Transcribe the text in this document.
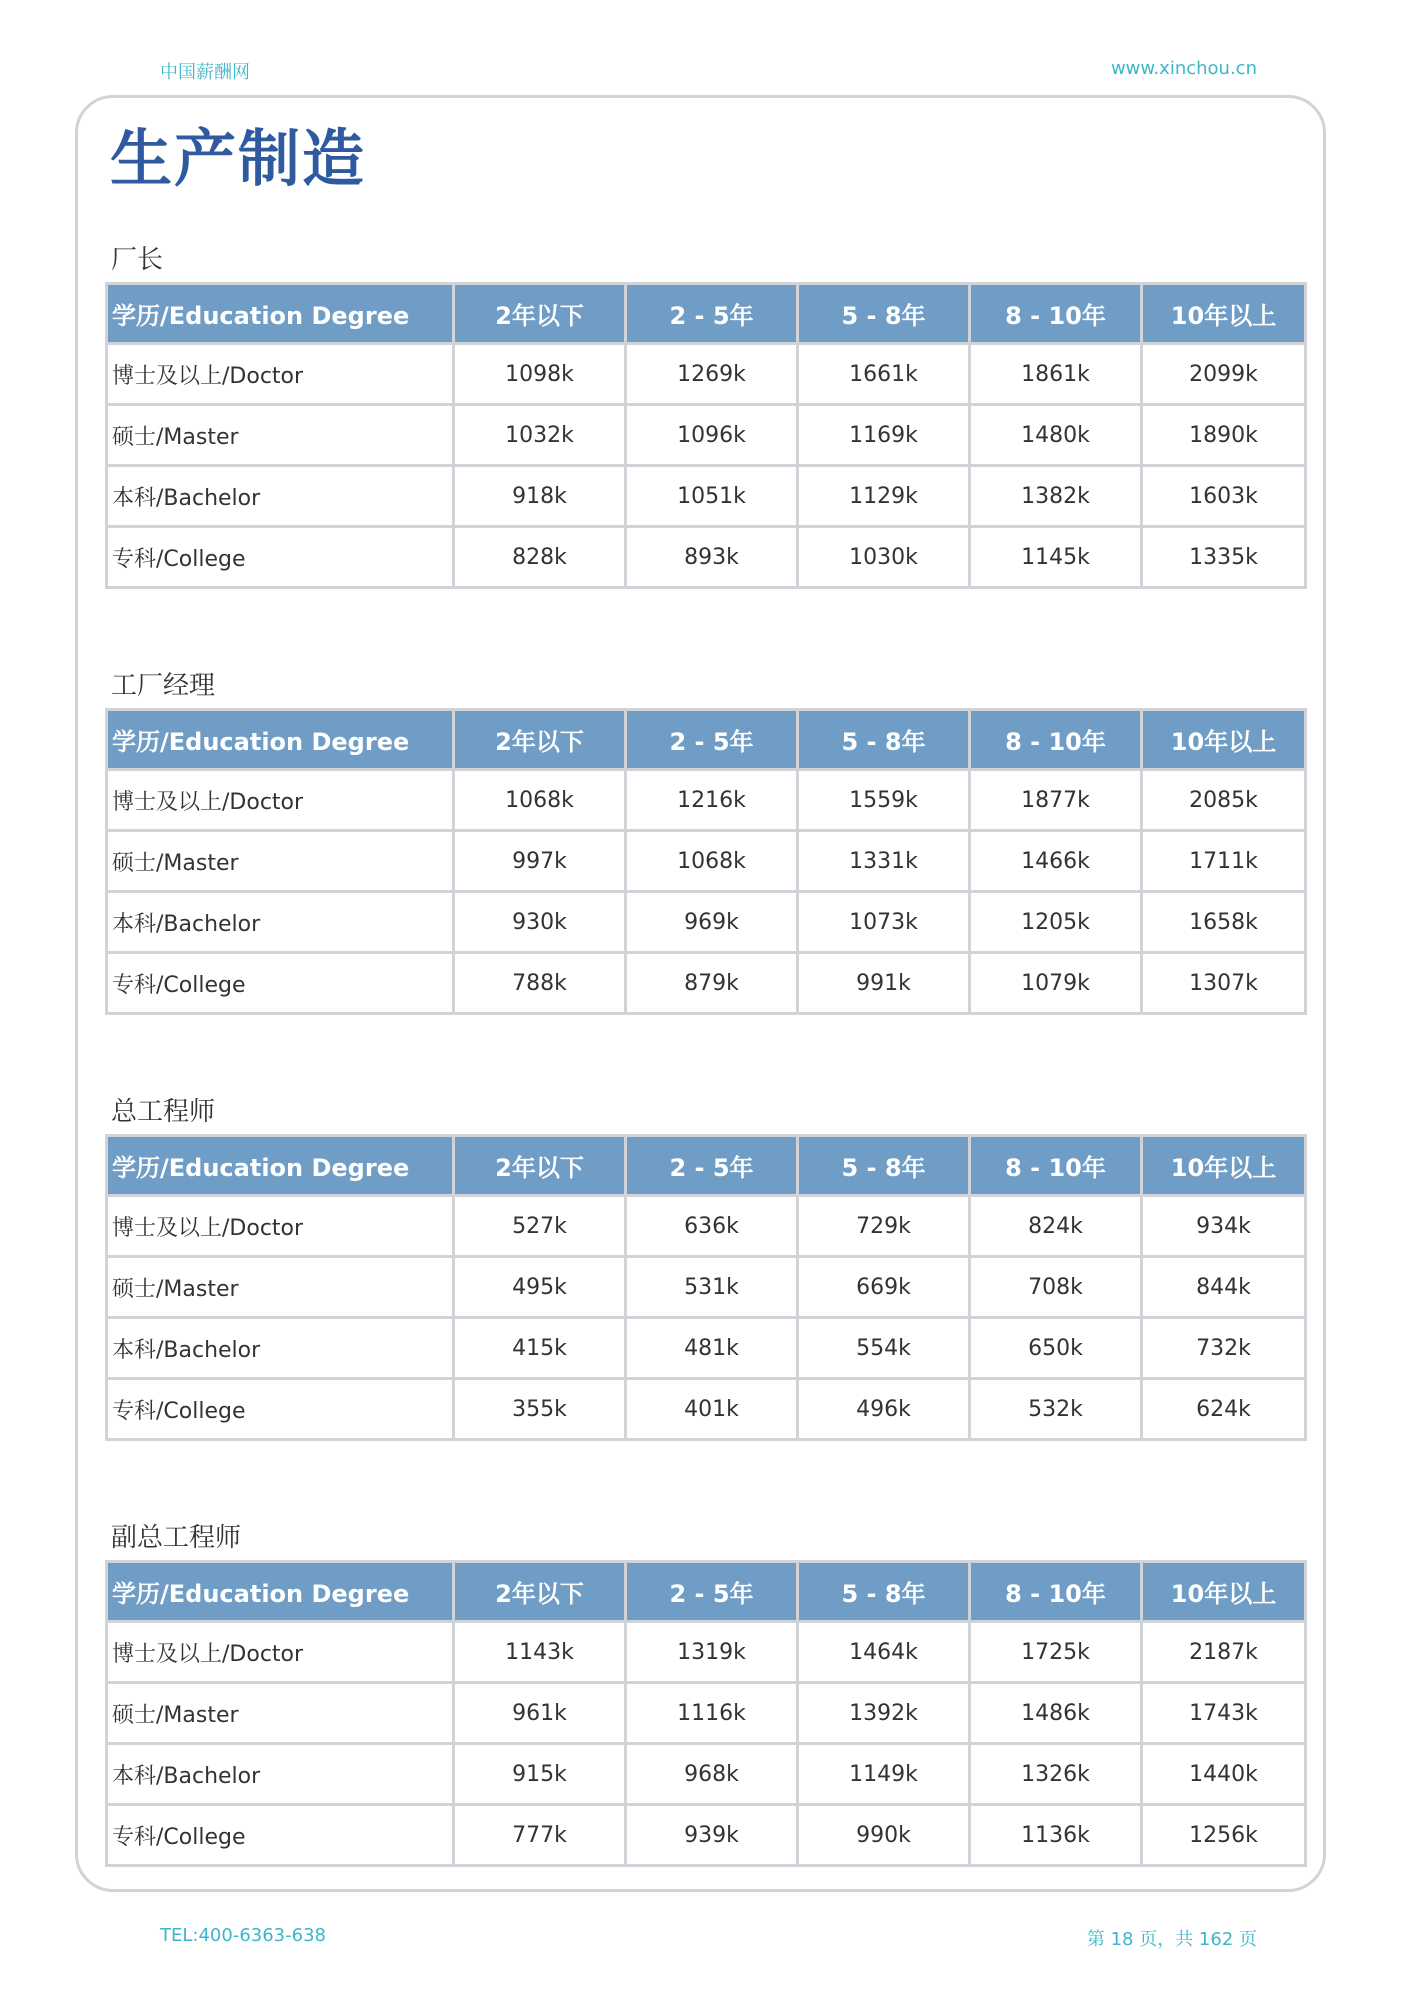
中国薪酬网	www.xinchou.cn
生产制造
厂长
学历/Education Degree	2年以下	2 - 5年	5 - 8年	8 - 10年	10年以上
博士及以上/Doctor	1098k	1269k	1661k	1861k	2099k
硕士/Master	1032k	1096k	1169k	1480k	1890k
本科/Bachelor	918k	1051k	1129k	1382k	1603k
专科/College	828k	893k	1030k	1145k	1335k
工厂经理
学历/Education Degree	2年以下	2 - 5年	5 - 8年	8 - 10年	10年以上
博士及以上/Doctor	1068k	1216k	1559k	1877k	2085k
硕士/Master	997k	1068k	1331k	1466k	1711k
本科/Bachelor	930k	969k	1073k	1205k	1658k
专科/College	788k	879k	991k	1079k	1307k
总工程师
学历/Education Degree	2年以下	2 - 5年	5 - 8年	8 - 10年	10年以上
博士及以上/Doctor	527k	636k	729k	824k	934k
硕士/Master	495k	531k	669k	708k	844k
本科/Bachelor	415k	481k	554k	650k	732k
专科/College	355k	401k	496k	532k	624k
副总工程师
学历/Education Degree	2年以下	2 - 5年	5 - 8年	8 - 10年	10年以上
博士及以上/Doctor	1143k	1319k	1464k	1725k	2187k
硕士/Master	961k	1116k	1392k	1486k	1743k
本科/Bachelor	915k	968k	1149k	1326k	1440k
专科/College	777k	939k	990k	1136k	1256k
TEL:400-6363-638	第 18 页，共 162 页
